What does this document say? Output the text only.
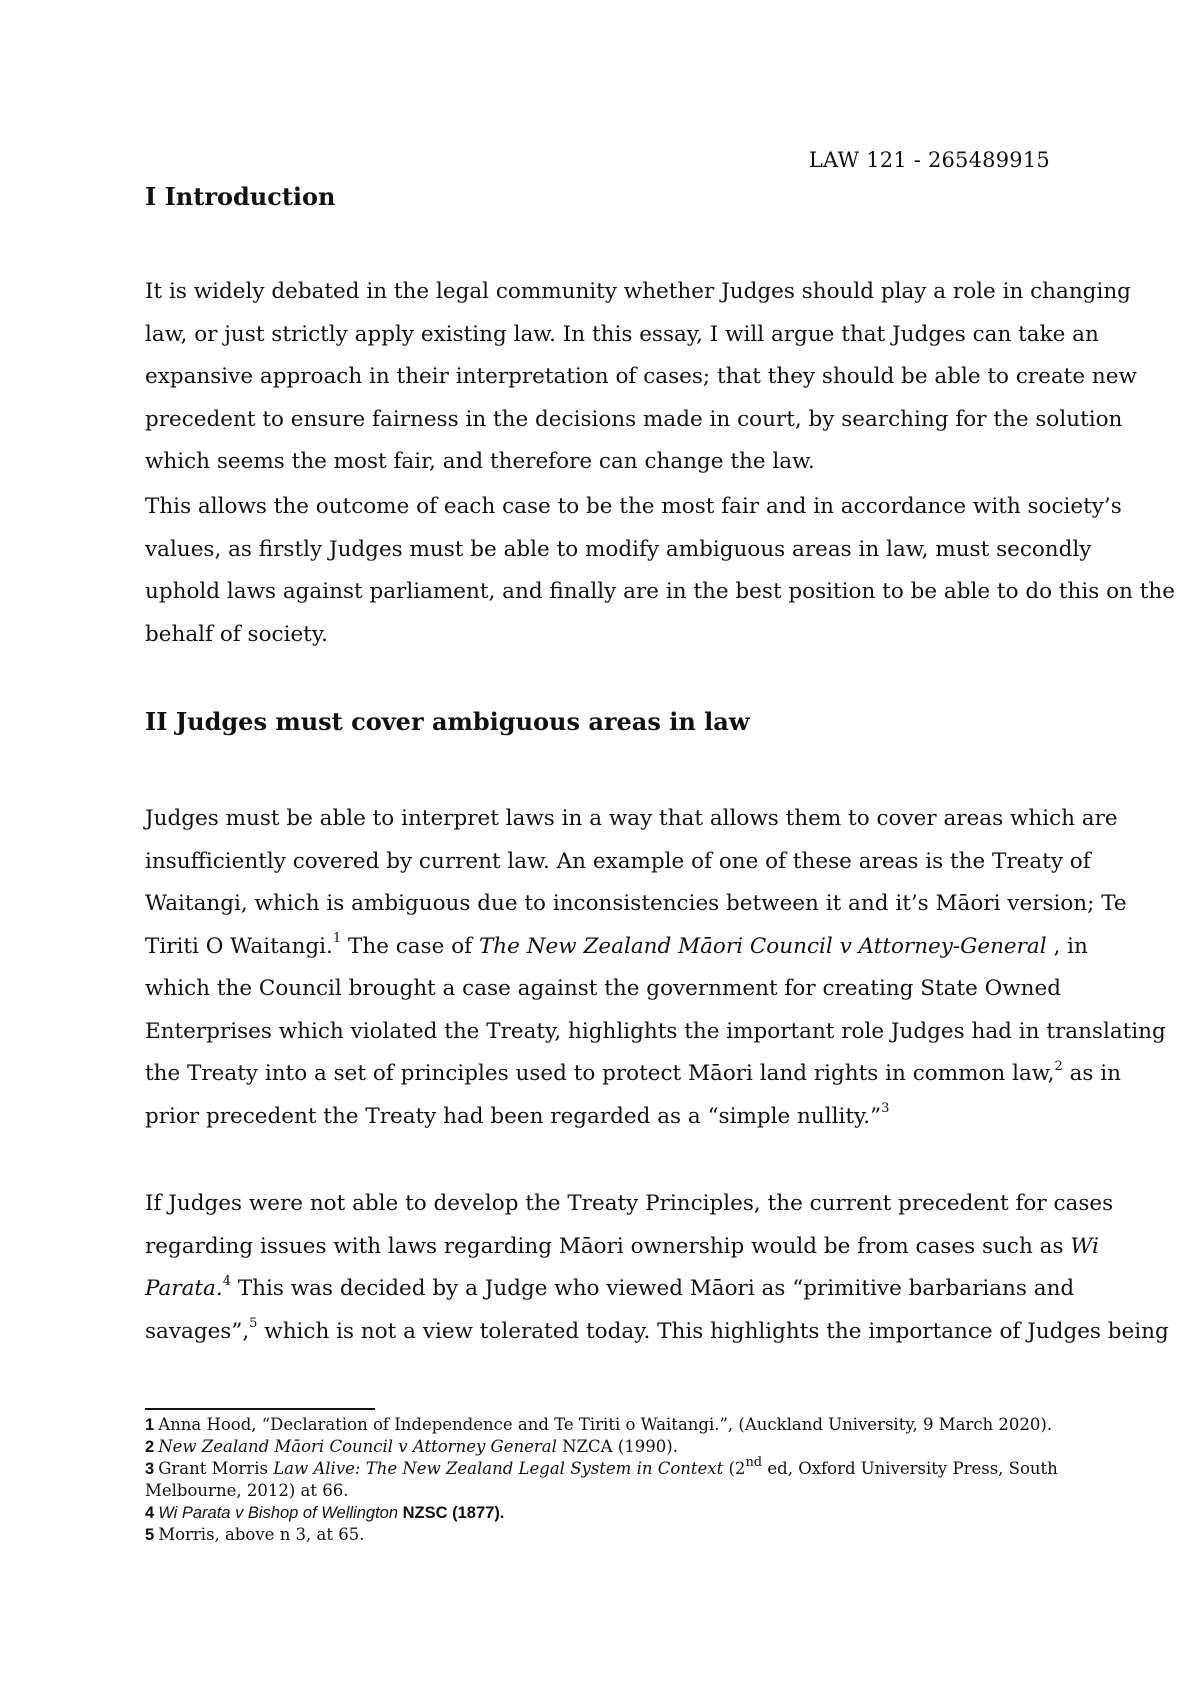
LAW 121 - 265489915
I Introduction

It is widely debated in the legal community whether Judges should play a role in changing
law, or just strictly apply existing law. In this essay, I will argue that Judges can take an
expansive approach in their interpretation of cases; that they should be able to create new
precedent to ensure fairness in the decisions made in court, by searching for the solution
which seems the most fair, and therefore can change the law.

This allows the outcome of each case to be the most fair and in accordance with society’s
values, as firstly Judges must be able to modify ambiguous areas in law, must secondly
uphold laws against parliament, and finally are in the best position to be able to do this on the
behalf of society.

II Judges must cover ambiguous areas in law

Judges must be able to interpret laws in a way that allows them to cover areas which are
insufficiently covered by current law. An example of one of these areas is the Treaty of
Waitangi, which is ambiguous due to inconsistencies between it and it’s Māori version; Te
Tiriti O Waitangi.$^1$ The case of The New Zealand Māori Council v Attorney-General , in
which the Council brought a case against the government for creating State Owned
Enterprises which violated the Treaty, highlights the important role Judges had in translating
the Treaty into a set of principles used to protect Māori land rights in common law,$^2$ as in
prior precedent the Treaty had been regarded as a “simple nullity.”$^3$

If Judges were not able to develop the Treaty Principles, the current precedent for cases
regarding issues with laws regarding Māori ownership would be from cases such as Wi
Parata.$^4$ This was decided by a Judge who viewed Māori as “primitive barbarians and
savages”,$^5$ which is not a view tolerated today. This highlights the importance of Judges being

1 Anna Hood, “Declaration of Independence and Te Tiriti o Waitangi.”, (Auckland University, 9 March 2020).
2 New Zealand Māori Council v Attorney General NZCA (1990).
3 Grant Morris Law Alive: The New Zealand Legal System in Context (2nd ed, Oxford University Press, South
Melbourne, 2012) at 66.
4 Wi Parata v Bishop of Wellington NZSC (1877).
5 Morris, above n 3, at 65.
